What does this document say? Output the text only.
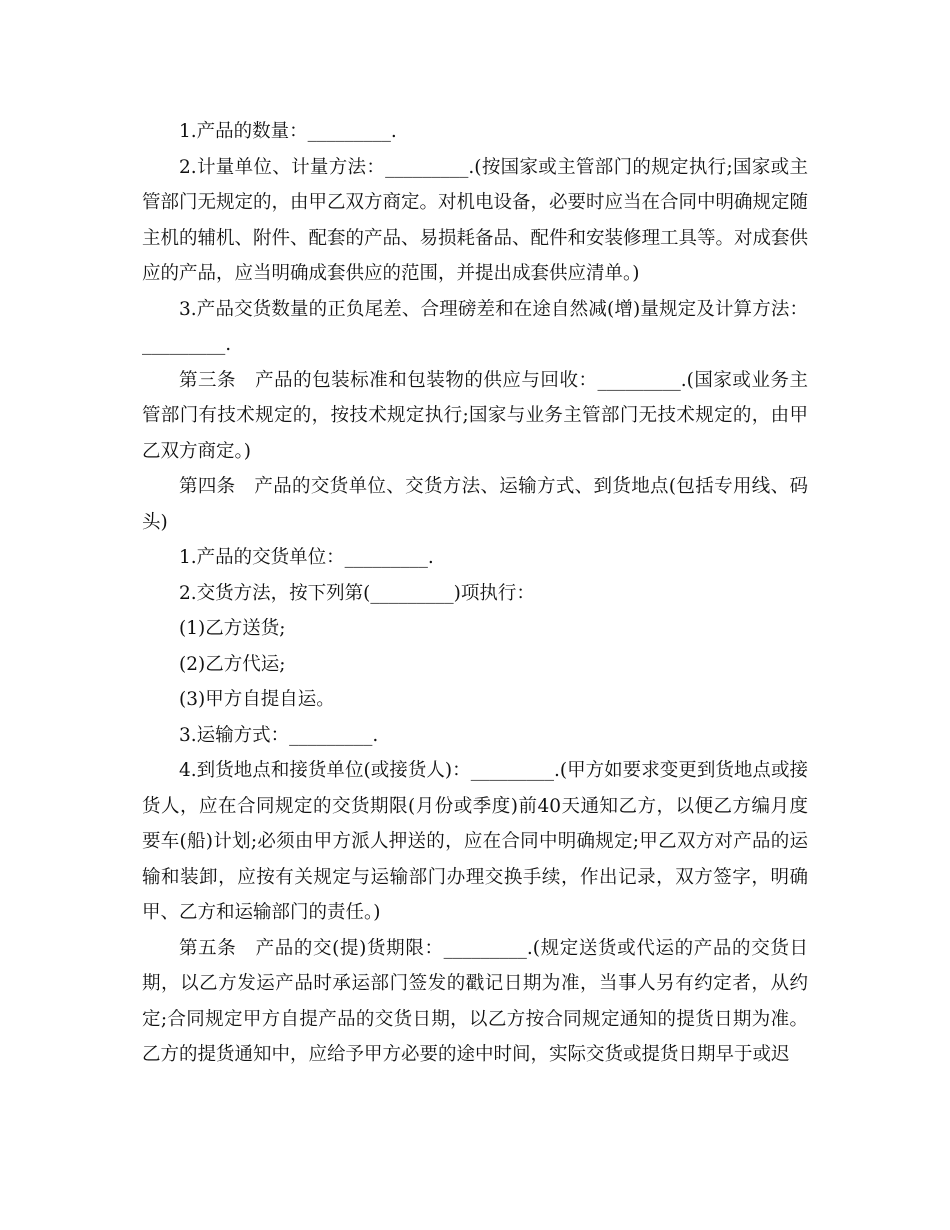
1.产品的数量：_________.

2.计量单位、计量方法：_________.(按国家或主管部门的规定执行;国家或主管部门无规定的，由甲乙双方商定。对机电设备，必要时应当在合同中明确规定随主机的辅机、附件、配套的产品、易损耗备品、配件和安装修理工具等。对成套供应的产品，应当明确成套供应的范围，并提出成套供应清单。)

3.产品交货数量的正负尾差、合理磅差和在途自然减(增)量规定及计算方法：_________.

第三条　产品的包装标准和包装物的供应与回收：_________.(国家或业务主管部门有技术规定的，按技术规定执行;国家与业务主管部门无技术规定的，由甲乙双方商定。)

第四条　产品的交货单位、交货方法、运输方式、到货地点(包括专用线、码头)

1.产品的交货单位：_________.

2.交货方法，按下列第(_________)项执行：

(1)乙方送货;

(2)乙方代运;

(3)甲方自提自运。

3.运输方式：_________.

4.到货地点和接货单位(或接货人)：_________.(甲方如要求变更到货地点或接货人，应在合同规定的交货期限(月份或季度)前40天通知乙方，以便乙方编月度要车(船)计划;必须由甲方派人押送的，应在合同中明确规定;甲乙双方对产品的运输和装卸，应按有关规定与运输部门办理交换手续，作出记录，双方签字，明确甲、乙方和运输部门的责任。)

第五条　产品的交(提)货期限：_________.(规定送货或代运的产品的交货日期，以乙方发运产品时承运部门签发的戳记日期为准，当事人另有约定者，从约定;合同规定甲方自提产品的交货日期，以乙方按合同规定通知的提货日期为准。乙方的提货通知中，应给予甲方必要的途中时间，实际交货或提货日期早于或迟
